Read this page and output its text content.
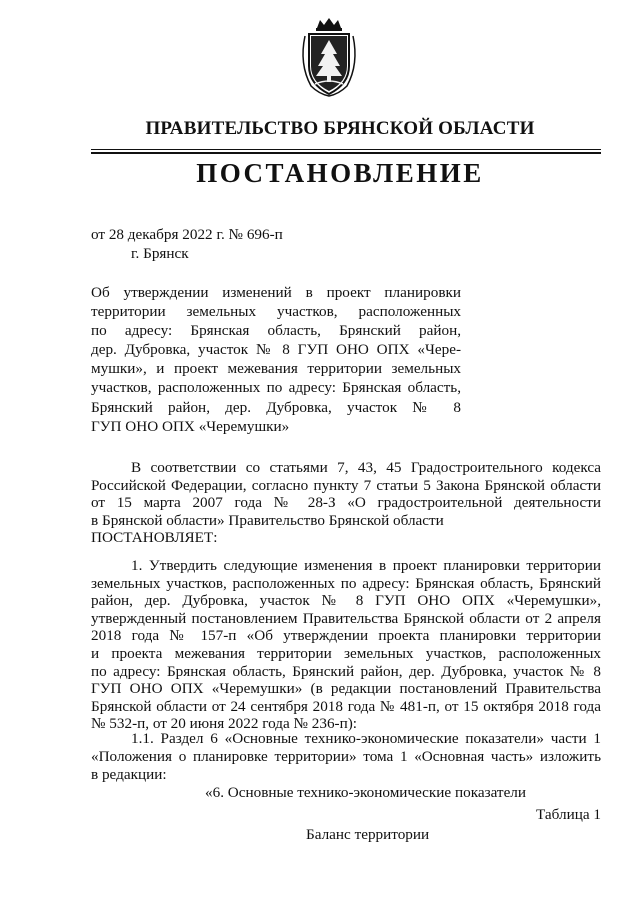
ПРАВИТЕЛЬСТВО БРЯНСКОЙ ОБЛАСТИ
ПОСТАНОВЛЕНИЕ
от 28 декабря 2022 г. № 696-п
г. Брянск
Об утверждении изменений в проект планировки
территории земельных участков, расположенных
по адресу: Брянская область, Брянский район,
дер. Дубровка, участок № 8 ГУП ОНО ОПХ «Чере-
мушки», и проект межевания территории земельных
участков, расположенных по адресу: Брянская область,
Брянский район, дер. Дубровка, участок № 8
ГУП ОНО ОПХ «Черемушки»
В соответствии со статьями 7, 43, 45 Градостроительного кодекса
Российской Федерации, согласно пункту 7 статьи 5 Закона Брянской области
от 15 марта 2007 года № 28-З «О градостроительной деятельности
в Брянской области» Правительство Брянской области
ПОСТАНОВЛЯЕТ:
1. Утвердить следующие изменения в проект планировки территории
земельных участков, расположенных по адресу: Брянская область, Брянский
район, дер. Дубровка, участок № 8 ГУП ОНО ОПХ «Черемушки»,
утвержденный постановлением Правительства Брянской области от 2 апреля
2018 года № 157-п «Об утверждении проекта планировки территории
и проекта межевания территории земельных участков, расположенных
по адресу: Брянская область, Брянский район, дер. Дубровка, участок № 8
ГУП ОНО ОПХ «Черемушки» (в редакции постановлений Правительства
Брянской области от 24 сентября 2018 года № 481-п, от 15 октября 2018 года
№ 532-п, от 20 июня 2022 года № 236-п):
1.1. Раздел 6 «Основные технико-экономические показатели» части 1
«Положения о планировке территории» тома 1 «Основная часть» изложить
в редакции:
«6. Основные технико-экономические показатели
Таблица 1
Баланс территории
